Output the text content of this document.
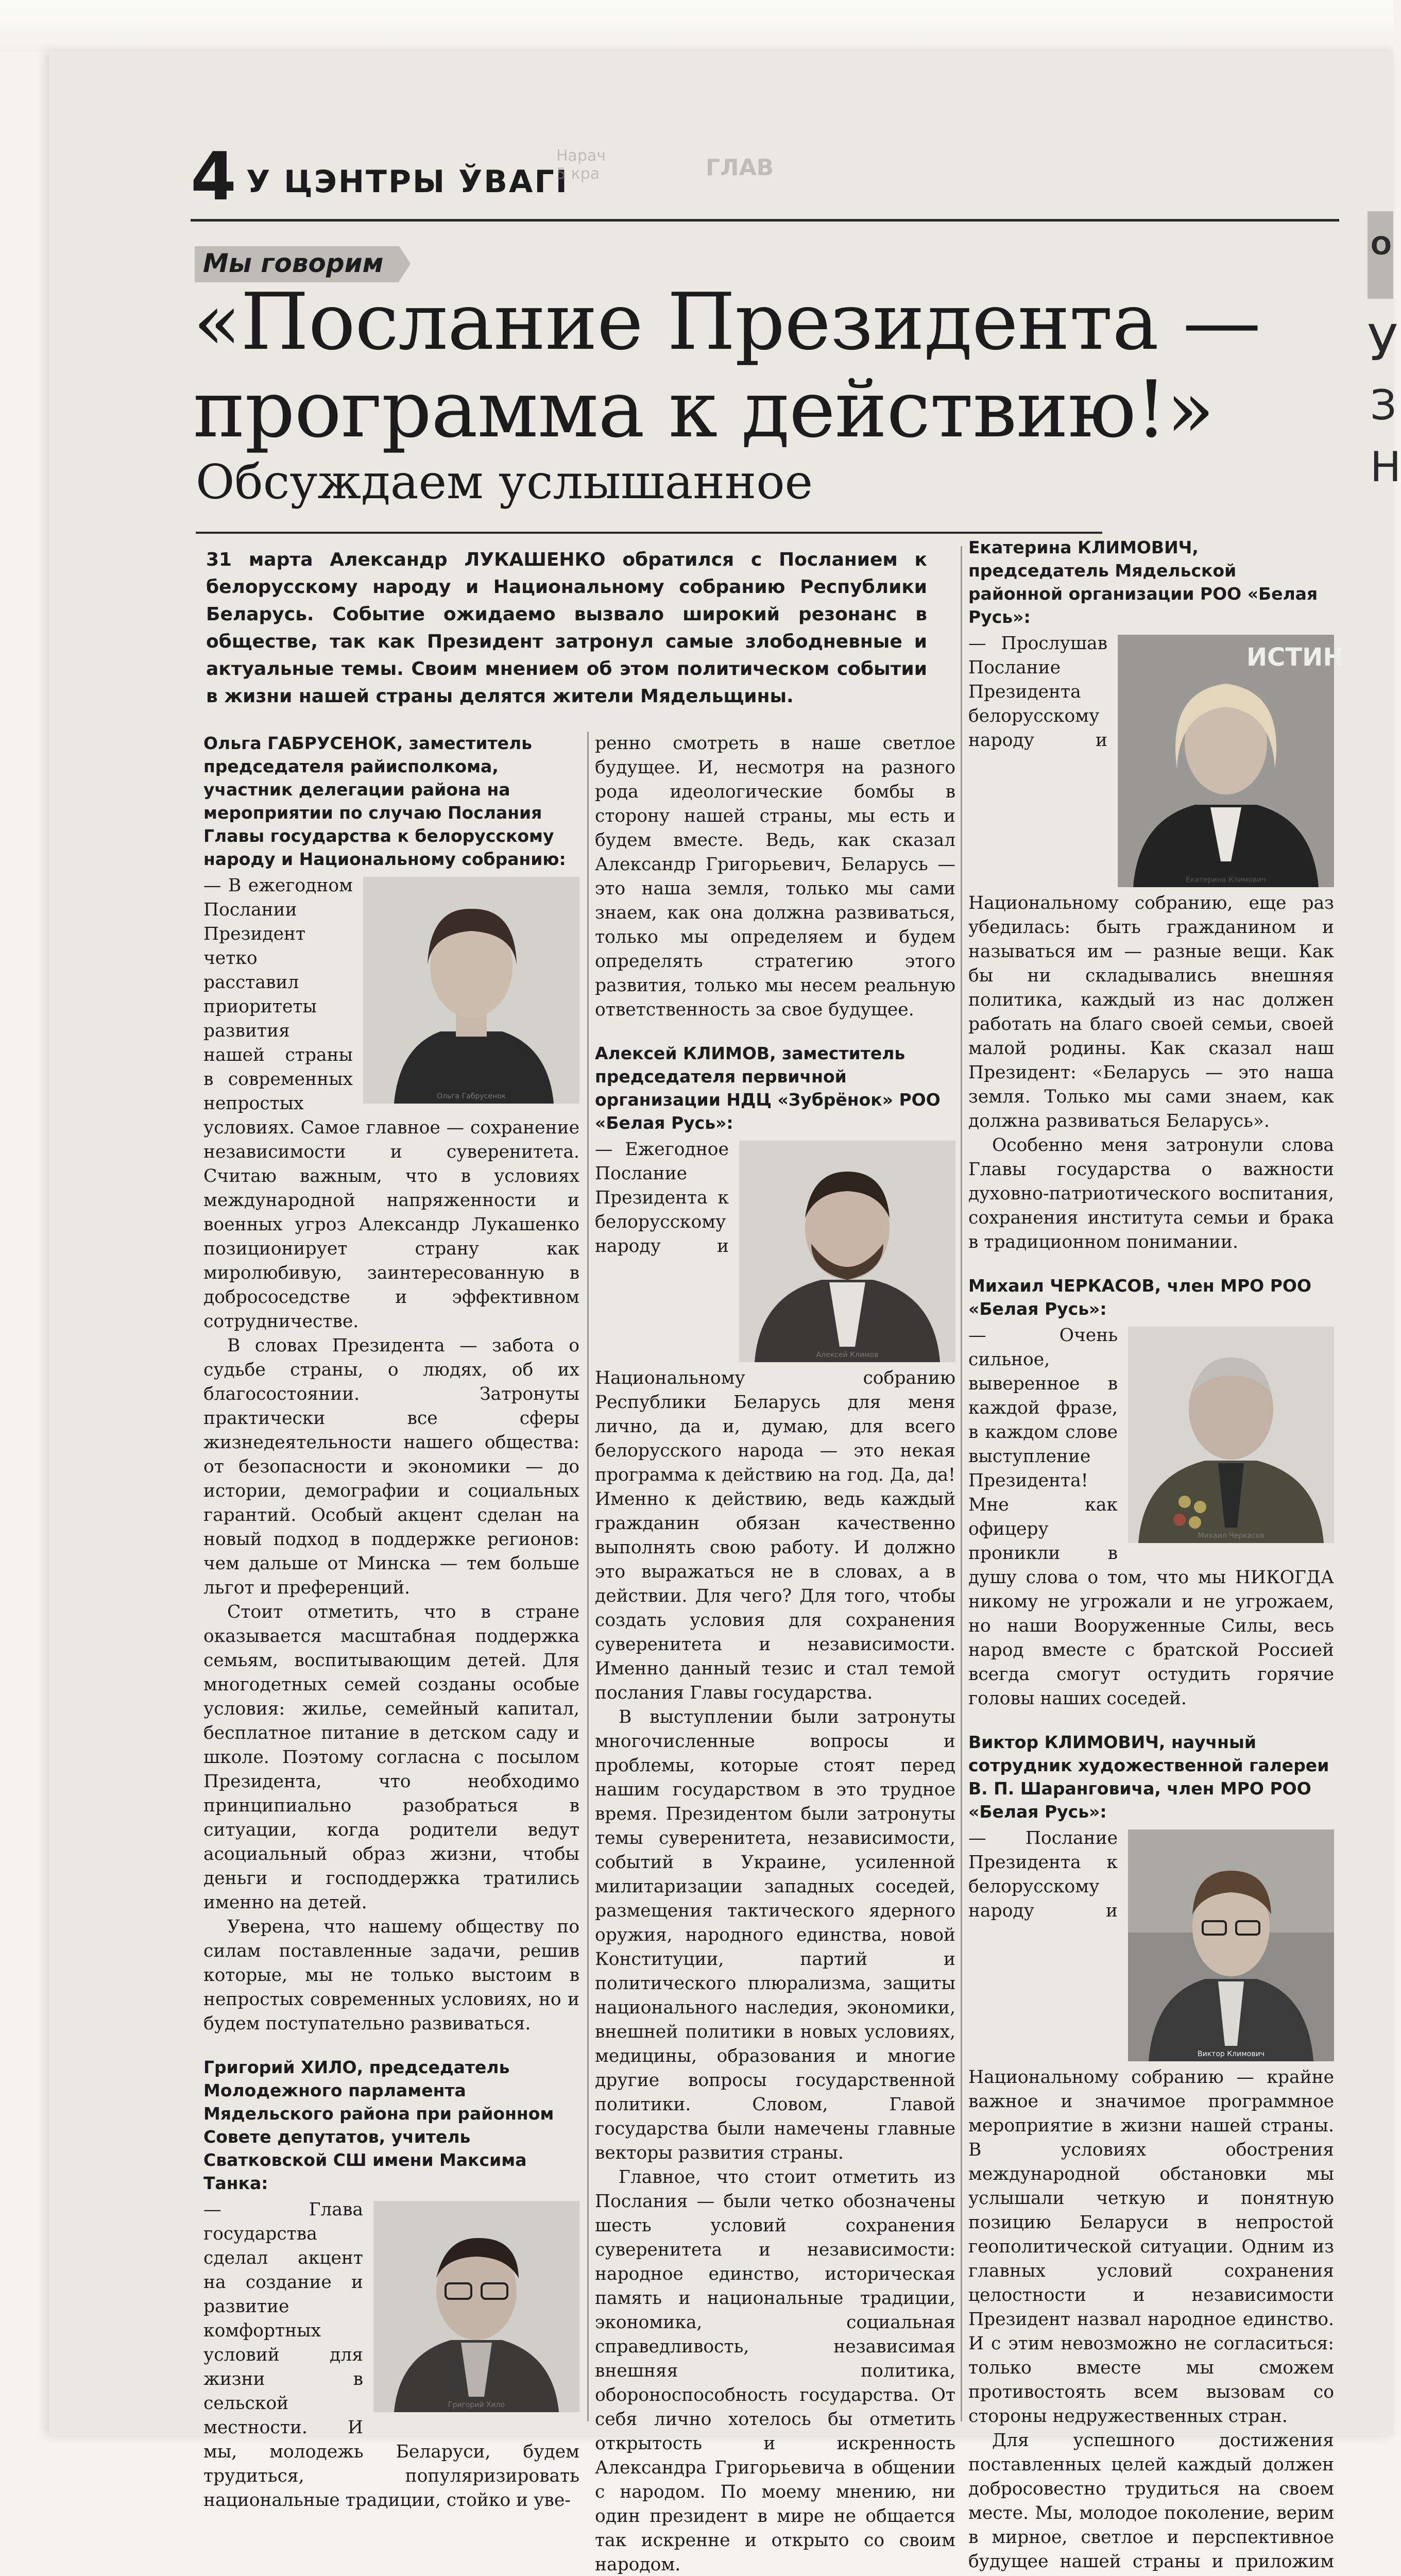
4 У ЦЭНТРЫ ЎВАГІ
Нарач
5 кра	ГЛАВ
Мы говорим
«Послание Президента —
программа к действию!»
Обсуждаем услышанное
31 марта Александр ЛУКАШЕНКО обратился с Посланием к белорусскому народу и Национальному собранию Республики Беларусь. Событие ожидаемо вызвало широкий резонанс в обществе, так как Президент затронул самые злободневные и актуальные темы. Своим мнением об этом политическом событии в жизни нашей страны делятся жители Мядельщины.

Ольга ГАБРУСЕНОК, заместитель председателя райисполкома, участник делегации района на мероприятии по случаю Послания Главы государства к белорусскому народу и Национальному собранию:

Ольга Габрусенок

— В ежегодном Послании Президент четко расставил приоритеты развития нашей страны в современных непростых условиях. Самое главное — сохранение независимости и суверенитета. Считаю важным, что в условиях международной напряженности и военных угроз Александр Лукашенко позиционирует страну как миролюбивую, заинтересованную в добрососедстве и эффективном сотрудничестве.

В словах Президента — забота о судьбе страны, о людях, об их благосостоянии. Затронуты практически все сферы жизнедеятельности нашего общества: от безопасности и экономики — до истории, демографии и социальных гарантий. Особый акцент сделан на новый подход в поддержке регионов: чем дальше от Минска — тем больше льгот и преференций.

Стоит отметить, что в стране оказывается масштабная поддержка семьям, воспитывающим детей. Для многодетных семей созданы особые условия: жилье, семейный капитал, бесплатное питание в детском саду и школе. Поэтому согласна с посылом Президента, что необходимо принципиально разобраться в ситуации, когда родители ведут асоциальный образ жизни, чтобы деньги и господдержка тратились именно на детей.

Уверена, что нашему обществу по силам поставленные задачи, решив которые, мы не только выстоим в непростых современных условиях, но и будем поступательно развиваться.

Григорий ХИЛО, председатель Молодежного парламента Мядельского района при районном Совете депутатов, учитель Сватковской СШ имени Максима Танка:

Григорий Хило

— Глава государства сделал акцент на создание и развитие комфортных условий для жизни в сельской местности. И мы, молодежь Беларуси, будем трудиться, популяризировать национальные традиции, стойко и уве-

ренно смотреть в наше светлое будущее. И, несмотря на разного рода идеологические бомбы в сторону нашей страны, мы есть и будем вместе. Ведь, как сказал Александр Григорьевич, Беларусь — это наша земля, только мы сами знаем, как она должна развиваться, только мы определяем и будем определять стратегию этого развития, только мы несем реальную ответственность за свое будущее.

Алексей КЛИМОВ, заместитель председателя первичной организации НДЦ «Зубрёнок» РОО «Белая Русь»:

Алексей Климов

— Ежегодное Послание Президента к белорусскому народу и Национальному собранию Республики Беларусь для меня лично, да и, думаю, для всего белорусского народа — это некая программа к действию на год. Да, да! Именно к действию, ведь каждый гражданин обязан качественно выполнять свою работу. И должно это выражаться не в словах, а в действии. Для чего? Для того, чтобы создать условия для сохранения суверенитета и независимости. Именно данный тезис и стал темой послания Главы государства.

В выступлении были затронуты многочисленные вопросы и проблемы, которые стоят перед нашим государством в это трудное время. Президентом были затронуты темы суверенитета, независимости, событий в Украине, усиленной милитаризации западных соседей, размещения тактического ядерного оружия, народного единства, новой Конституции, партий и политического плюрализма, защиты национального наследия, экономики, внешней политики в новых условиях, медицины, образования и многие другие вопросы государственной политики. Словом, Главой государства были намечены главные векторы развития страны.

Главное, что стоит отметить из Послания — были четко обозначены шесть условий сохранения суверенитета и независимости: народное единство, историческая память и национальные традиции, экономика, социальная справедливость, независимая внешняя политика, обороноспособность государства. От себя лично хотелось бы отметить открытость и искренность Александра Григорьевича в общении с народом. По моему мнению, ни один президент в мире не общается так искренне и открыто со своим народом.

Екатерина КЛИМОВИЧ, председатель Мядельской районной организации РОО «Белая Русь»:

ИСТИН
Екатерина Климович

— Прослушав Послание Президента белорусскому народу и Национальному собранию, еще раз убедилась: быть гражданином и называться им — разные вещи. Как бы ни складывались внешняя политика, каждый из нас должен работать на благо своей семьи, своей малой родины. Как сказал наш Президент: «Беларусь — это наша земля. Только мы сами знаем, как должна развиваться Беларусь».

Особенно меня затронули слова Главы государства о важности духовно-патриотического воспитания, сохранения института семьи и брака в традиционном понимании.

Михаил ЧЕРКАСОВ, член МРО РОО «Белая Русь»:

Михаил Черкасов

— Очень сильное, выверенное в каждой фразе, в каждом слове выступление Президента! Мне как офицеру проникли в душу слова о том, что мы НИКОГДА никому не угрожали и не угрожаем, но наши Вооруженные Силы, весь народ вместе с братской Россией всегда смогут остудить горячие головы наших соседей.

Виктор КЛИМОВИЧ, научный сотрудник художественной галереи В. П. Шаранговича, член МРО РОО «Белая Русь»:

Виктор Климович

— Послание Президента к белорусскому народу и Национальному собранию — крайне важное и значимое программное мероприятие в жизни нашей страны. В условиях обострения международной обстановки мы услышали четкую и понятную позицию Беларуси в непростой геополитической ситуации. Одним из главных условий сохранения целостности и независимости Президент назвал народное единство. И с этим невозможно не согласиться: только вместе мы сможем противостоять всем вызовам со стороны недружественных стран.

Для успешного достижения поставленных целей каждый должен добросовестно трудиться на своем месте. Мы, молодое поколение, верим в мирное, светлое и перспективное будущее нашей страны и приложим

О
У
З
Н
